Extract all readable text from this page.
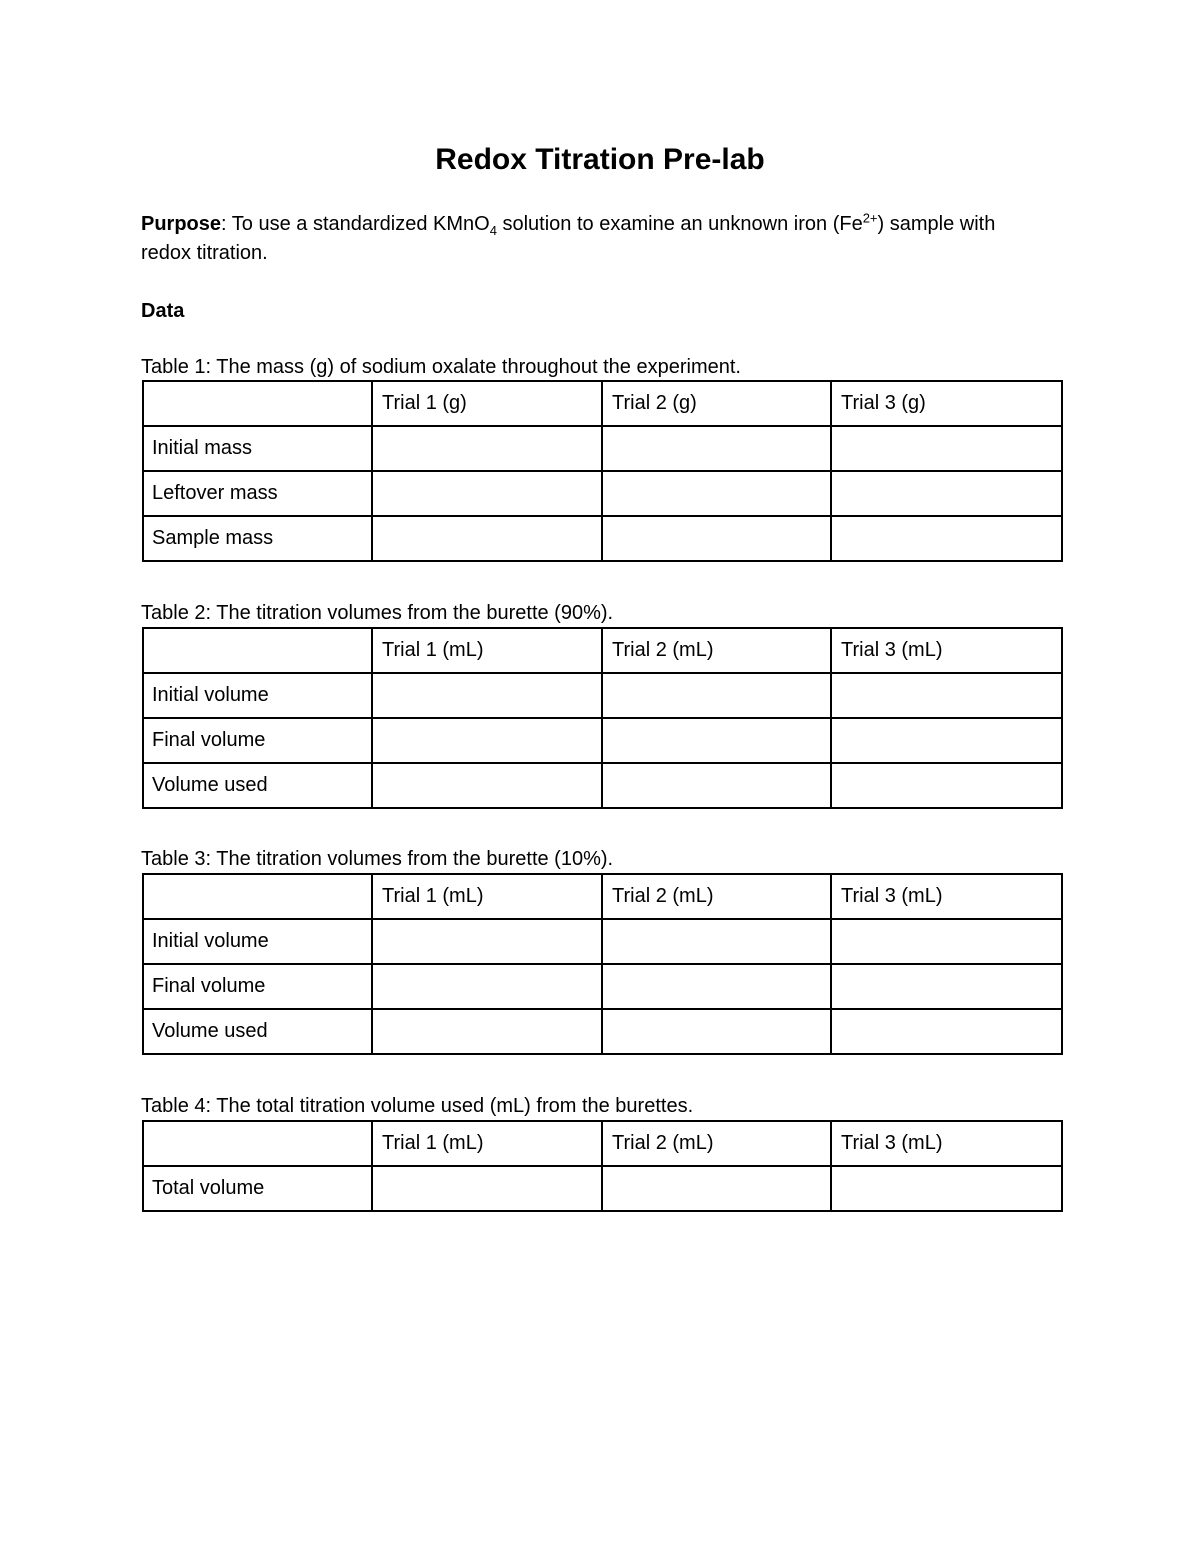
Redox Titration Pre-lab
Purpose: To use a standardized KMnO$_4$ solution to examine an unknown iron $(Fe^{2+})$ sample with redox titration.
Data
Table 1: The mass (g) of sodium oxalate throughout the experiment.
	Trial 1 (g)	Trial 2 (g)	Trial 3 (g)
Initial mass			
Leftover mass			
Sample mass			
Table 2: The titration volumes from the burette (90%).
	Trial 1 (mL)	Trial 2 (mL)	Trial 3 (mL)
Initial volume			
Final volume			
Volume used			
Table 3: The titration volumes from the burette (10%).
	Trial 1 (mL)	Trial 2 (mL)	Trial 3 (mL)
Initial volume			
Final volume			
Volume used			
Table 4: The total titration volume used (mL) from the burettes.
	Trial 1 (mL)	Trial 2 (mL)	Trial 3 (mL)
Total volume			
